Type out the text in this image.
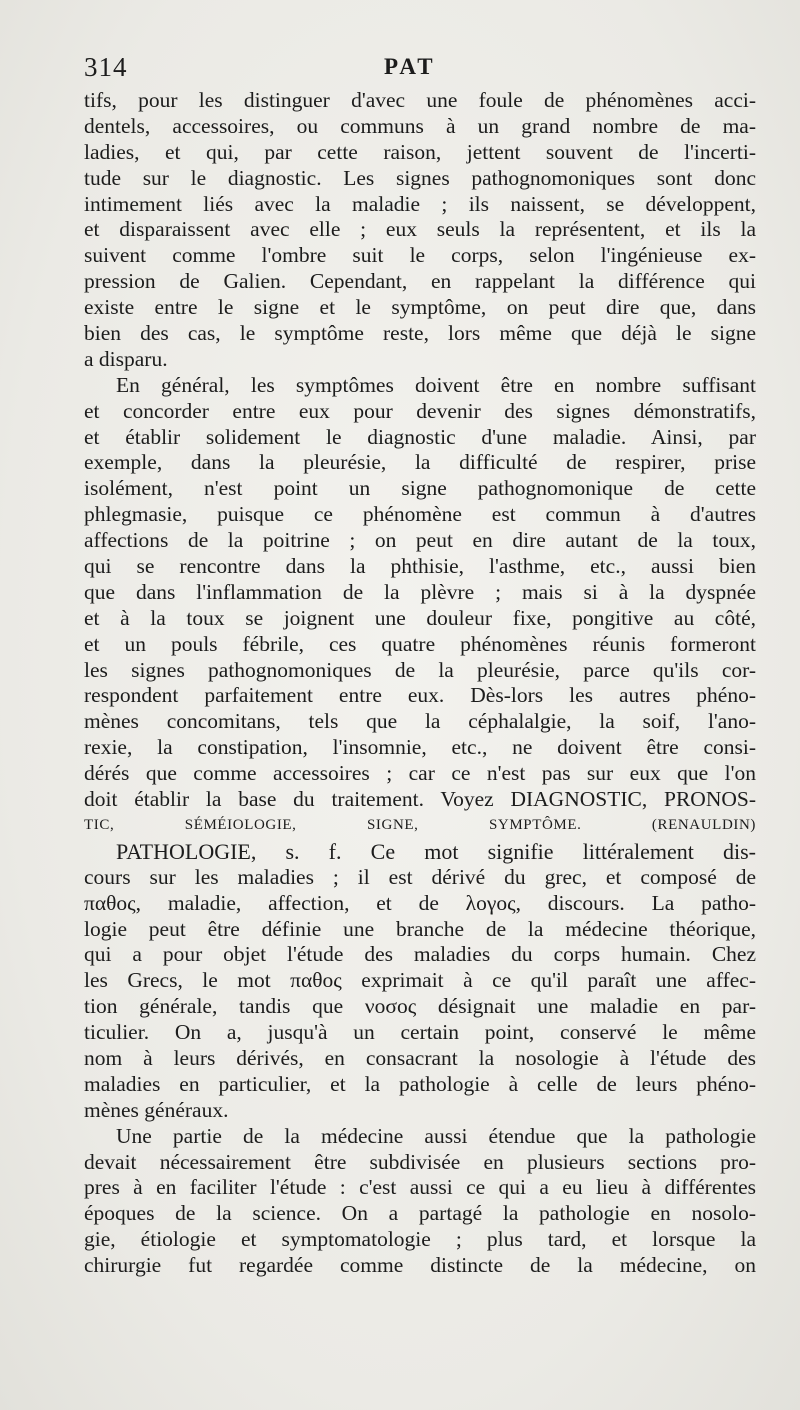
314	PAT
tifs, pour les distinguer d'avec une foule de phénomènes acci-
dentels, accessoires, ou communs à un grand nombre de ma-
ladies, et qui, par cette raison, jettent souvent de l'incerti-
tude sur le diagnostic. Les signes pathognomoniques sont donc
intimement liés avec la maladie ; ils naissent, se développent,
et disparaissent avec elle ; eux seuls la représentent, et ils la
suivent comme l'ombre suit le corps, selon l'ingénieuse ex-
pression de Galien. Cependant, en rappelant la différence qui
existe entre le signe et le symptôme, on peut dire que, dans
bien des cas, le symptôme reste, lors même que déjà le signe
a disparu.
En général, les symptômes doivent être en nombre suffisant
et concorder entre eux pour devenir des signes démonstratifs,
et établir solidement le diagnostic d'une maladie. Ainsi, par
exemple, dans la pleurésie, la difficulté de respirer, prise
isolément, n'est point un signe pathognomonique de cette
phlegmasie, puisque ce phénomène est commun à d'autres
affections de la poitrine ; on peut en dire autant de la toux,
qui se rencontre dans la phthisie, l'asthme, etc., aussi bien
que dans l'inflammation de la plèvre ; mais si à la dyspnée
et à la toux se joignent une douleur fixe, pongitive au côté,
et un pouls fébrile, ces quatre phénomènes réunis formeront
les signes pathognomoniques de la pleurésie, parce qu'ils cor-
respondent parfaitement entre eux. Dès-lors les autres phéno-
mènes concomitans, tels que la céphalalgie, la soif, l'ano-
rexie, la constipation, l'insomnie, etc., ne doivent être consi-
dérés que comme accessoires ; car ce n'est pas sur eux que l'on
doit établir la base du traitement. Voyez DIAGNOSTIC, PRONOS-
TIC, SÉMÉIOLOGIE, SIGNE, SYMPTÔME. (RENAULDIN)
PATHOLOGIE, s. f. Ce mot signifie littéralement dis-
cours sur les maladies ; il est dérivé du grec, et composé de
παθος, maladie, affection, et de λογος, discours. La patho-
logie peut être définie une branche de la médecine théorique,
qui a pour objet l'étude des maladies du corps humain. Chez
les Grecs, le mot παθος exprimait à ce qu'il paraît une affec-
tion générale, tandis que νοσος désignait une maladie en par-
ticulier. On a, jusqu'à un certain point, conservé le même
nom à leurs dérivés, en consacrant la nosologie à l'étude des
maladies en particulier, et la pathologie à celle de leurs phéno-
mènes généraux.
Une partie de la médecine aussi étendue que la pathologie
devait nécessairement être subdivisée en plusieurs sections pro-
pres à en faciliter l'étude : c'est aussi ce qui a eu lieu à différentes
époques de la science. On a partagé la pathologie en nosolo-
gie, étiologie et symptomatologie ; plus tard, et lorsque la
chirurgie fut regardée comme distincte de la médecine, on
